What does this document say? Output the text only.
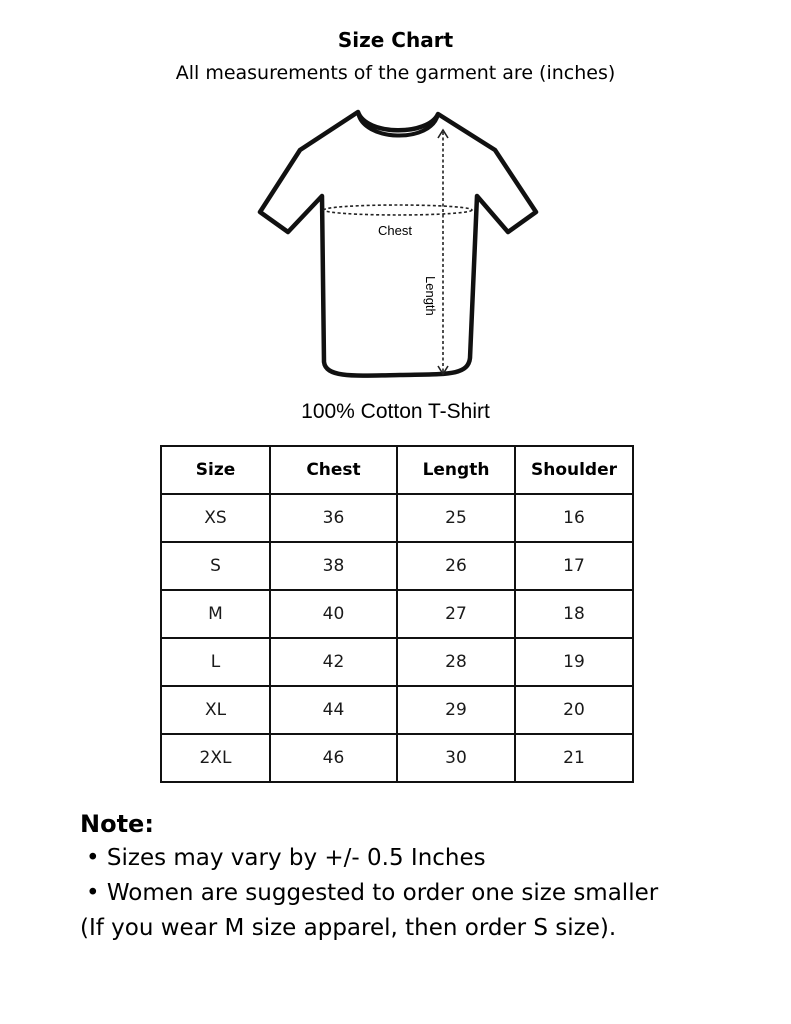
Size Chart
All measurements of the garment are (inches)
Chest
Length
100% Cotton T-Shirt
Size	Chest	Length	Shoulder
XS	36	25	16
S	38	26	17
M	40	27	18
L	42	28	19
XL	44	29	20
2XL	46	30	21
Note:
• Sizes may vary by +/- 0.5 Inches
• Women are suggested to order one size smaller
(If you wear M size apparel, then order S size).
